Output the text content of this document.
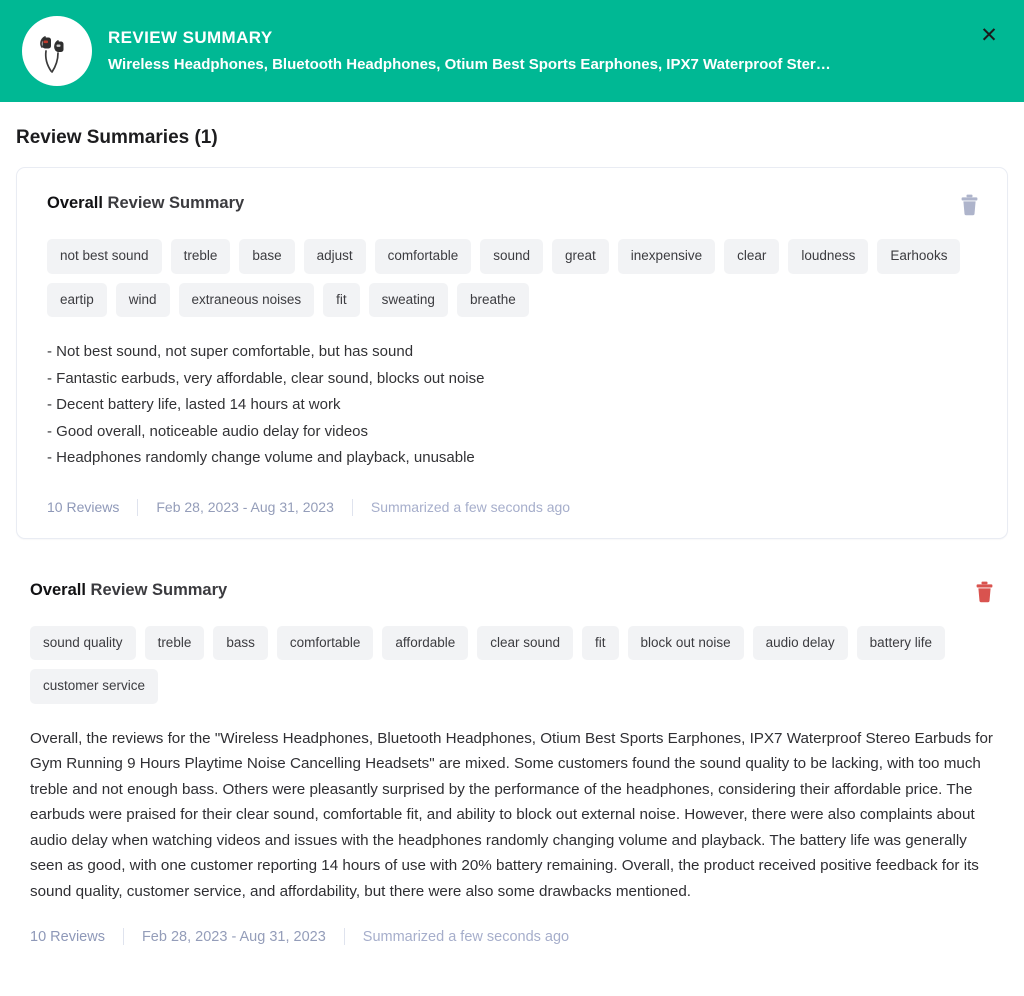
REVIEW SUMMARY
Wireless Headphones, Bluetooth Headphones, Otium Best Sports Earphones, IPX7 Waterproof Ster…
✕
Review Summaries (1)
Overall Review Summary
not best sound	treble	base	adjust	comfortable	sound	great	inexpensive	clear	loudness	Earhooks
eartip	wind	extraneous noises	fit	sweating	breathe
- Not best sound, not super comfortable, but has sound
- Fantastic earbuds, very affordable, clear sound, blocks out noise
- Decent battery life, lasted 14 hours at work
- Good overall, noticeable audio delay for videos
- Headphones randomly change volume and playback, unusable
10 Reviews	Feb 28, 2023 - Aug 31, 2023	Summarized a few seconds ago
Overall Review Summary
sound quality	treble	bass	comfortable	affordable	clear sound	fit	block out noise	audio delay	battery life
customer service
Overall, the reviews for the "Wireless Headphones, Bluetooth Headphones, Otium Best Sports Earphones, IPX7 Waterproof Stereo Earbuds for Gym Running 9 Hours Playtime Noise Cancelling Headsets" are mixed. Some customers found the sound quality to be lacking, with too much treble and not enough bass. Others were pleasantly surprised by the performance of the headphones, considering their affordable price. The earbuds were praised for their clear sound, comfortable fit, and ability to block out external noise. However, there were also complaints about audio delay when watching videos and issues with the headphones randomly changing volume and playback. The battery life was generally seen as good, with one customer reporting 14 hours of use with 20% battery remaining. Overall, the product received positive feedback for its sound quality, customer service, and affordability, but there were also some drawbacks mentioned.
10 Reviews	Feb 28, 2023 - Aug 31, 2023	Summarized a few seconds ago
